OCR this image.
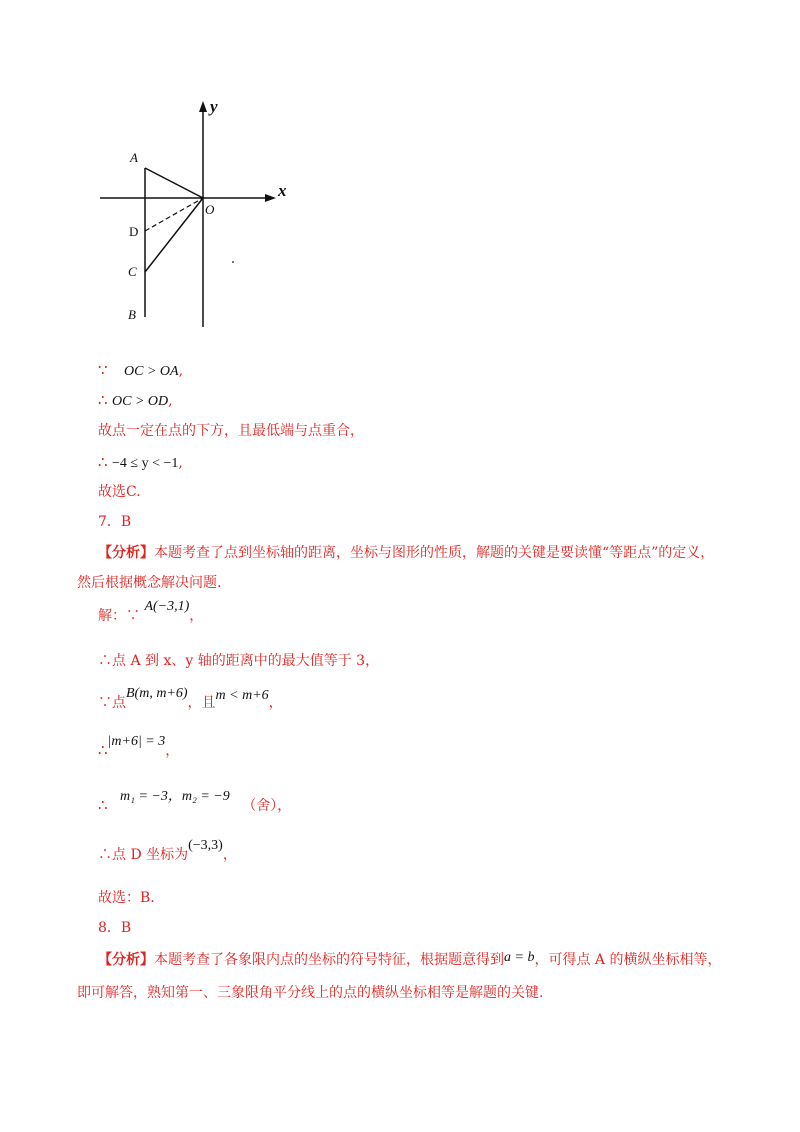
y
x
O
A
D
C
B
∵ OC > OA,
∴ OC > OD,
故点一定在点的下方，且最低端与点重合，
∴ −4 ≤ y < −1,
故选C.
7．B
【分析】本题考查了点到坐标轴的距离，坐标与图形的性质，解题的关键是要读懂“等距点”的定义，
然后根据概念解决问题.
解：∵ A(−3,1)，
∴点 A 到 x、y 轴的距离中的最大值等于 3，
∵点B(m, m+6)，且m < m+6，
∴|m+6| = 3，
∴ m₁ = −3，m₂ = −9 （舍），
∴点 D 坐标为(−3,3)，
故选：B.
8．B
【分析】本题考查了各象限内点的坐标的符号特征，根据题意得到a = b，可得点 A 的横纵坐标相等，
即可解答，熟知第一、三象限角平分线上的点的横纵坐标相等是解题的关键.
